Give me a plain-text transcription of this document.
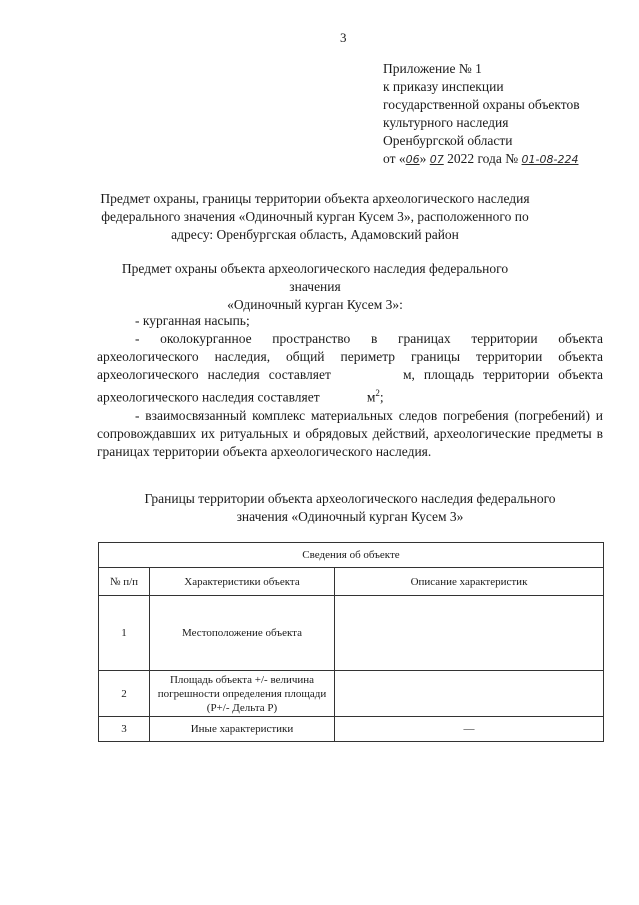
3
Приложение № 1
к приказу инспекции
государственной охраны объектов
культурного наследия
Оренбургской области
от «06» 07 2022 года № 01-08-224
Предмет охраны, границы территории объекта археологического наследия
федерального значения «Одиночный курган Кусем 3», расположенного по
адресу: Оренбургская область, Адамовский район
Предмет охраны объекта археологического наследия федерального значения
«Одиночный курган Кусем 3»:

- курганная насыпь;

- околокурганное пространство в границах территории объекта археологического наследия, общий периметр границы территории объекта археологического наследия составляет	м, площадь территории объекта археологического наследия составляет	$м^2$;

- взаимосвязанный комплекс материальных следов погребения (погребений) и сопровождавших их ритуальных и обрядовых действий, археологические предметы в границах территории объекта археологического наследия.

Границы территории объекта археологического наследия федерального
значения «Одиночный курган Кусем 3»
Сведения об объекте		
№ п/п	Характеристики объекта	Описание характеристик
1	Местоположение объекта	
2	Площадь объекта +/- величина погрешности определения площади (P+/- Дельта P)	
3	Иные характеристики	—
